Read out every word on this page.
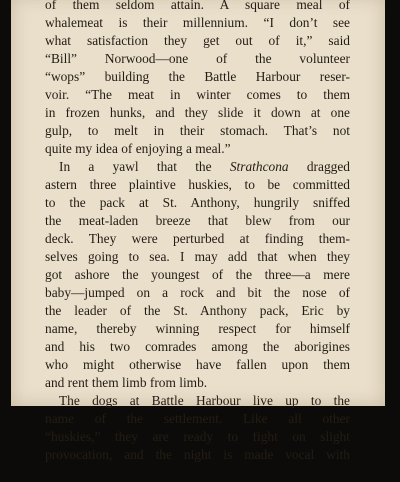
of them seldom attain. A square meal of
whalemeat is their millennium. “I don’t see
what satisfaction they get out of it,” said
“Bill” Norwood—one of the volunteer
“wops” building the Battle Harbour reser-
voir. “The meat in winter comes to them
in frozen hunks, and they slide it down at one
gulp, to melt in their stomach. That’s not
quite my idea of enjoying a meal.”
In a yawl that the Strathcona dragged
astern three plaintive huskies, to be committed
to the pack at St. Anthony, hungrily sniffed
the meat-laden breeze that blew from our
deck. They were perturbed at finding them-
selves going to sea. I may add that when they
got ashore the youngest of the three—a mere
baby—jumped on a rock and bit the nose of
the leader of the St. Anthony pack, Eric by
name, thereby winning respect for himself
and his two comrades among the aborigines
who might otherwise have fallen upon them
and rent them limb from limb.
The dogs at Battle Harbour live up to the
name of the settlement. Like all other
“huskies,” they are ready to fight on slight
provocation, and the night is made vocal with
